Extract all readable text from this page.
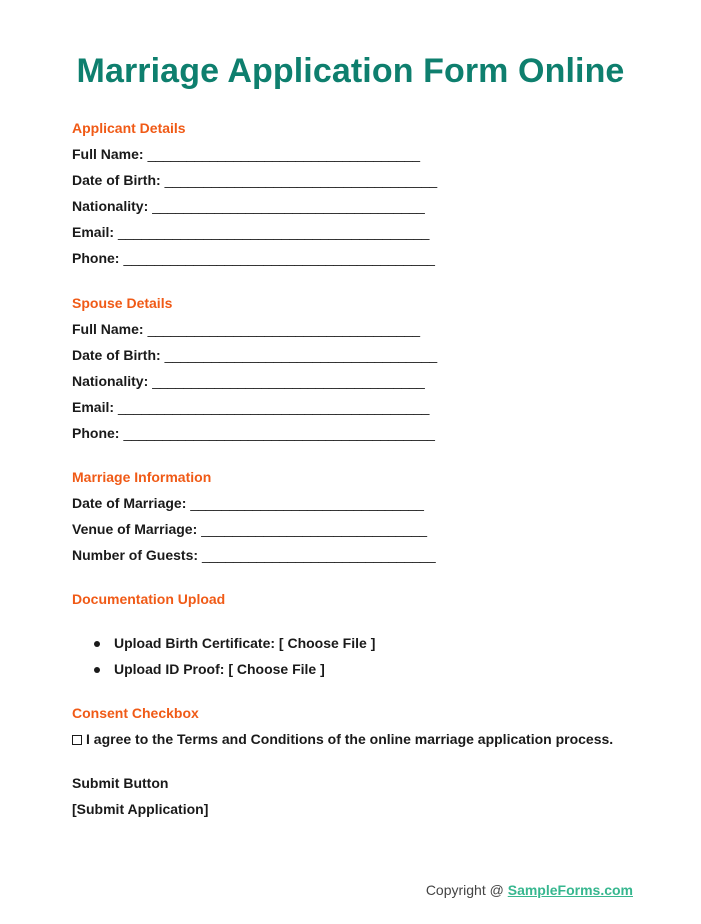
Marriage Application Form Online
Applicant Details
Full Name: ___________________________________
Date of Birth: ___________________________________
Nationality: ___________________________________
Email: ________________________________________
Phone: ________________________________________
Spouse Details
Full Name: ___________________________________
Date of Birth: ___________________________________
Nationality: ___________________________________
Email: ________________________________________
Phone: ________________________________________
Marriage Information
Date of Marriage: ______________________________
Venue of Marriage: _____________________________
Number of Guests: ______________________________
Documentation Upload
Upload Birth Certificate: [ Choose File ]
Upload ID Proof: [ Choose File ]
Consent Checkbox
I agree to the Terms and Conditions of the online marriage application process.
Submit Button
[Submit Application]
Copyright @ SampleForms.com
